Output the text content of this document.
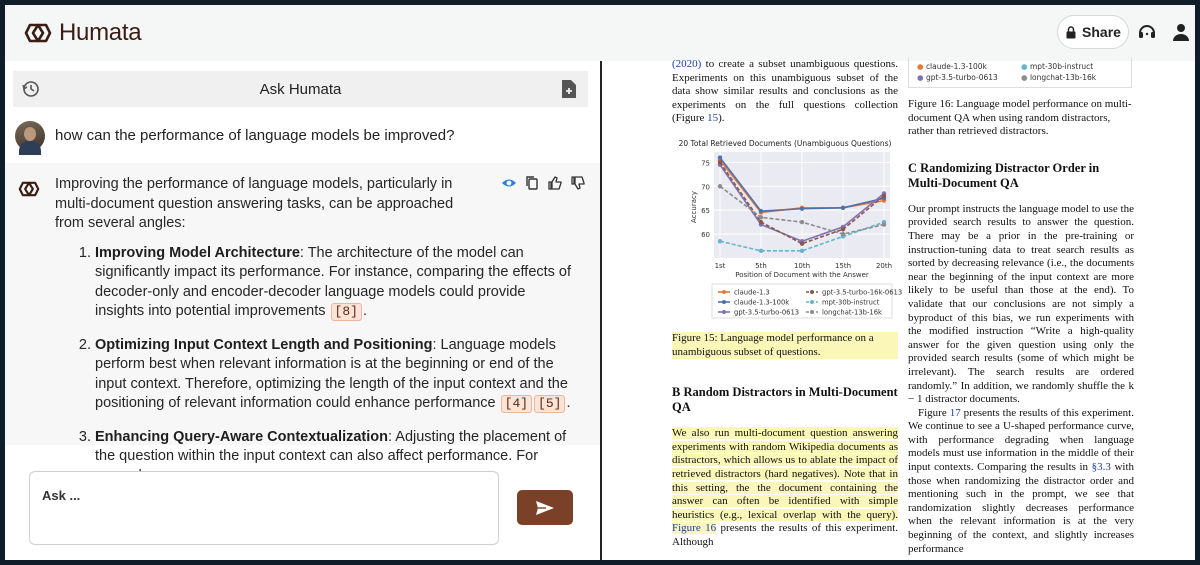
Humata	Share
Ask Humata
how can the performance of language models be improved?

Improving the performance of language models, particularly in multi-document question answering tasks, can be approached from several angles:

1. Improving Model Architecture: The architecture of the model can significantly impact its performance. For instance, comparing the effects of decoder-only and encoder-decoder language models could provide insights into potential improvements [8] .
2. Optimizing Input Context Length and Positioning: Language models perform best when relevant information is at the beginning or end of the input context. Therefore, optimizing the length of the input context and the positioning of relevant information could enhance performance [4] [5] .
3. Enhancing Query-Aware Contextualization: Adjusting the placement of the question within the input context can also affect performance. For
Ask ...

(2020) to create a subset unambiguous questions. Experiments on this unambiguous subset of the data show similar results and conclusions as the experiments on the full questions collection (Figure 15).

20 Total Retrieved Documents (Unambiguous Questions)
60
65
70
75
1st	5th	10th	15th	20th
Position of Document with the Answer
Accuracy
claude-1.3	gpt-3.5-turbo-16k-0613
claude-1.3-100k	mpt-30b-instruct
gpt-3.5-turbo-0613	longchat-13b-16k

Figure 15: Language model performance on a unambiguous subset of questions.

B Random Distractors in Multi-Document QA

We also run multi-document question answering experiments with random Wikipedia documents as distractors, which allows us to ablate the impact of retrieved distractors (hard negatives). Note that in this setting, the the document containing the answer can often be identified with simple heuristics (e.g., lexical overlap with the query). Figure 16 presents the results of this experiment. Although

● claude-1.3-100k
● gpt-3.5-turbo-0613
● mpt-30b-instruct
● longchat-13b-16k

Figure 16: Language model performance on multi-document QA when using random distractors, rather than retrieved distractors.

C Randomizing Distractor Order in Multi-Document QA

Our prompt instructs the language model to use the provided search results to answer the question. There may be a prior in the pre-training or instruction-tuning data to treat search results as sorted by decreasing relevance (i.e., the documents near the beginning of the input context are more likely to be useful than those at the end). To validate that our conclusions are not simply a byproduct of this bias, we run experiments with the modified instruction “Write a high-quality answer for the given question using only the provided search results (some of which might be irrelevant). The search results are ordered randomly.” In addition, we randomly shuffle the k − 1 distractor documents.

Figure 17 presents the results of this experiment. We continue to see a U-shaped performance curve, with performance degrading when language models must use information in the middle of their input contexts. Comparing the results in §3.3 with those when randomizing the distractor order and mentioning such in the prompt, we see that randomization slightly decreases performance when the relevant information is at the very beginning of the context, and slightly increases performance
